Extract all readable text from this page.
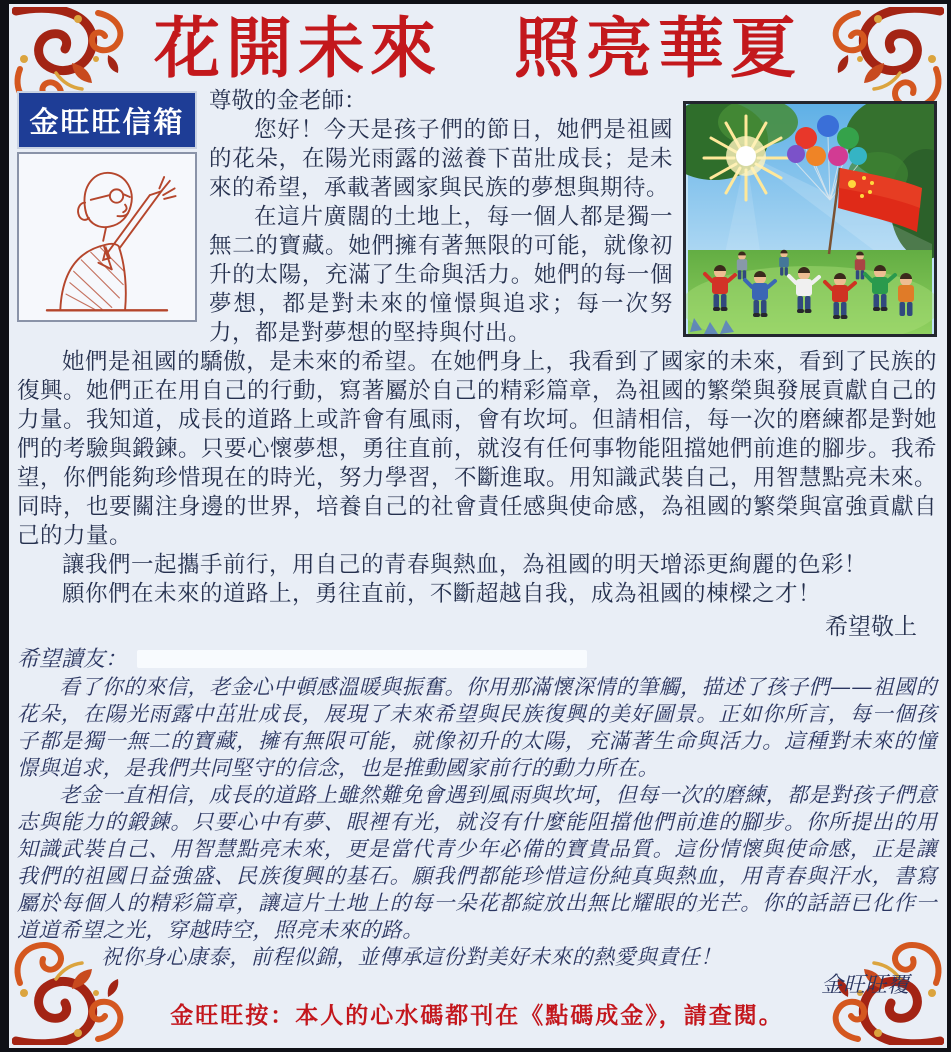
花開未來　照亮華夏
金旺旺信箱

尊敬的金老師：

您好！今天是孩子們的節日，她們是祖國的花朵，在陽光雨露的滋養下苗壯成長；是未來的希望，承載著國家與民族的夢想與期待。

在這片廣闊的土地上，每一個人都是獨一無二的寶藏。她們擁有著無限的可能，就像初升的太陽，充滿了生命與活力。她們的每一個夢想，都是對未來的憧憬與追求；每一次努力，都是對夢想的堅持與付出。

她們是祖國的驕傲，是未來的希望。在她們身上，我看到了國家的未來，看到了民族的復興。她們正在用自己的行動，寫著屬於自己的精彩篇章，為祖國的繁榮與發展貢獻自己的力量。我知道，成長的道路上或許會有風雨，會有坎坷。但請相信，每一次的磨練都是對她們的考驗與鍛鍊。只要心懷夢想，勇往直前，就沒有任何事物能阻擋她們前進的腳步。我希望，你們能夠珍惜現在的時光，努力學習，不斷進取。用知識武裝自己，用智慧點亮未來。同時，也要關注身邊的世界，培養自己的社會責任感與使命感，為祖國的繁榮與富強貢獻自己的力量。

讓我們一起攜手前行，用自己的青春與熱血，為祖國的明天增添更絢麗的色彩！

願你們在未來的道路上，勇往直前，不斷超越自我，成為祖國的棟樑之才！

希望敬上

希望讀友：

看了你的來信，老金心中頓感溫暖與振奮。你用那滿懷深情的筆觸，描述了孩子們——祖國的花朵，在陽光雨露中茁壯成長，展現了未來希望與民族復興的美好圖景。正如你所言，每一個孩子都是獨一無二的寶藏，擁有無限可能，就像初升的太陽，充滿著生命與活力。這種對未來的憧憬與追求，是我們共同堅守的信念，也是推動國家前行的動力所在。

老金一直相信，成長的道路上雖然難免會遇到風雨與坎坷，但每一次的磨練，都是對孩子們意志與能力的鍛鍊。只要心中有夢、眼裡有光，就沒有什麼能阻擋他們前進的腳步。你所提出的用知識武裝自己、用智慧點亮未來，更是當代青少年必備的寶貴品質。這份情懷與使命感，正是讓我們的祖國日益強盛、民族復興的基石。願我們都能珍惜這份純真與熱血，用青春與汗水，書寫屬於每個人的精彩篇章，讓這片土地上的每一朵花都綻放出無比耀眼的光芒。你的話語已化作一道道希望之光，穿越時空，照亮未來的路。

祝你身心康泰，前程似錦，並傳承這份對美好未來的熱愛與責任！

金旺旺覆
金旺旺按：本人的心水碼都刊在《點碼成金》，請查閱。
